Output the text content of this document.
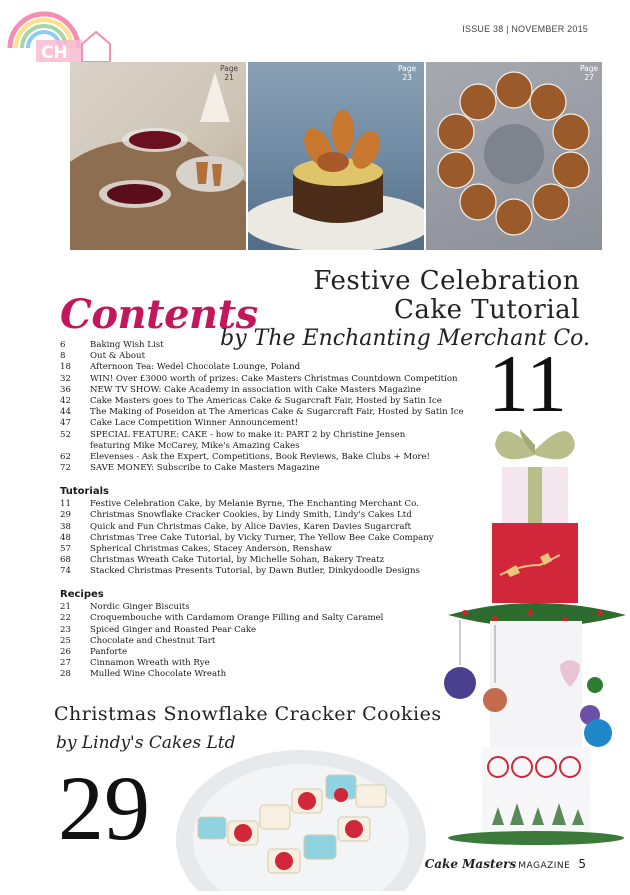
CH
ISSUE 38 | NOVEMBER 2015
Page
21
Page
23
Page
27
Festive Celebration
Cake Tutorial
by The Enchanting Merchant Co.
11
Contents
6	Baking Wish List
8	Out & About
18	Afternoon Tea: Wedel Chocolate Lounge, Poland
32	WIN! Over £3000 worth of prizes: Cake Masters Christmas Countdown Competition
36	NEW TV SHOW: Cake Academy in association with Cake Masters Magazine
42	Cake Masters goes to The Americas Cake & Sugarcraft Fair, Hosted by Satin Ice
44	The Making of Poseidon at The Americas Cake & Sugarcraft Fair, Hosted by Satin Ice
47	Cake Lace Competition Winner Announcement!
52	SPECIAL FEATURE: CAKE - how to make it: PART 2 by Christine Jensen
featuring Mike McCarey, Mike's Amazing Cakes
62	Elevenses - Ask the Expert, Competitions, Book Reviews, Bake Clubs + More!
72	SAVE MONEY: Subscribe to Cake Masters Magazine
Tutorials
11	Festive Celebration Cake, by Melanie Byrne, The Enchanting Merchant Co.
29	Christmas Snowflake Cracker Cookies, by Lindy Smith, Lindy's Cakes Ltd
38	Quick and Fun Christmas Cake, by Alice Davies, Karen Davies Sugarcraft
48	Christmas Tree Cake Tutorial, by Vicky Turner, The Yellow Bee Cake Company
57	Spherical Christmas Cakes, Stacey Anderson, Renshaw
68	Christmas Wreath Cake Tutorial, by Michelle Sohan, Bakery Treatz
74	Stacked Christmas Presents Tutorial, by Dawn Butler, Dinkydoodle Designs
Recipes
21	Nordic Ginger Biscuits
22	Croquembouche with Cardamom Orange Filling and Salty Caramel
23	Spiced Ginger and Roasted Pear Cake
25	Chocolate and Chestnut Tart
26	Panforte
27	Cinnamon Wreath with Rye
28	Mulled Wine Chocolate Wreath
Christmas Snowflake Cracker Cookies
by Lindy's Cakes Ltd
29
Cake Masters MAGAZINE 5
